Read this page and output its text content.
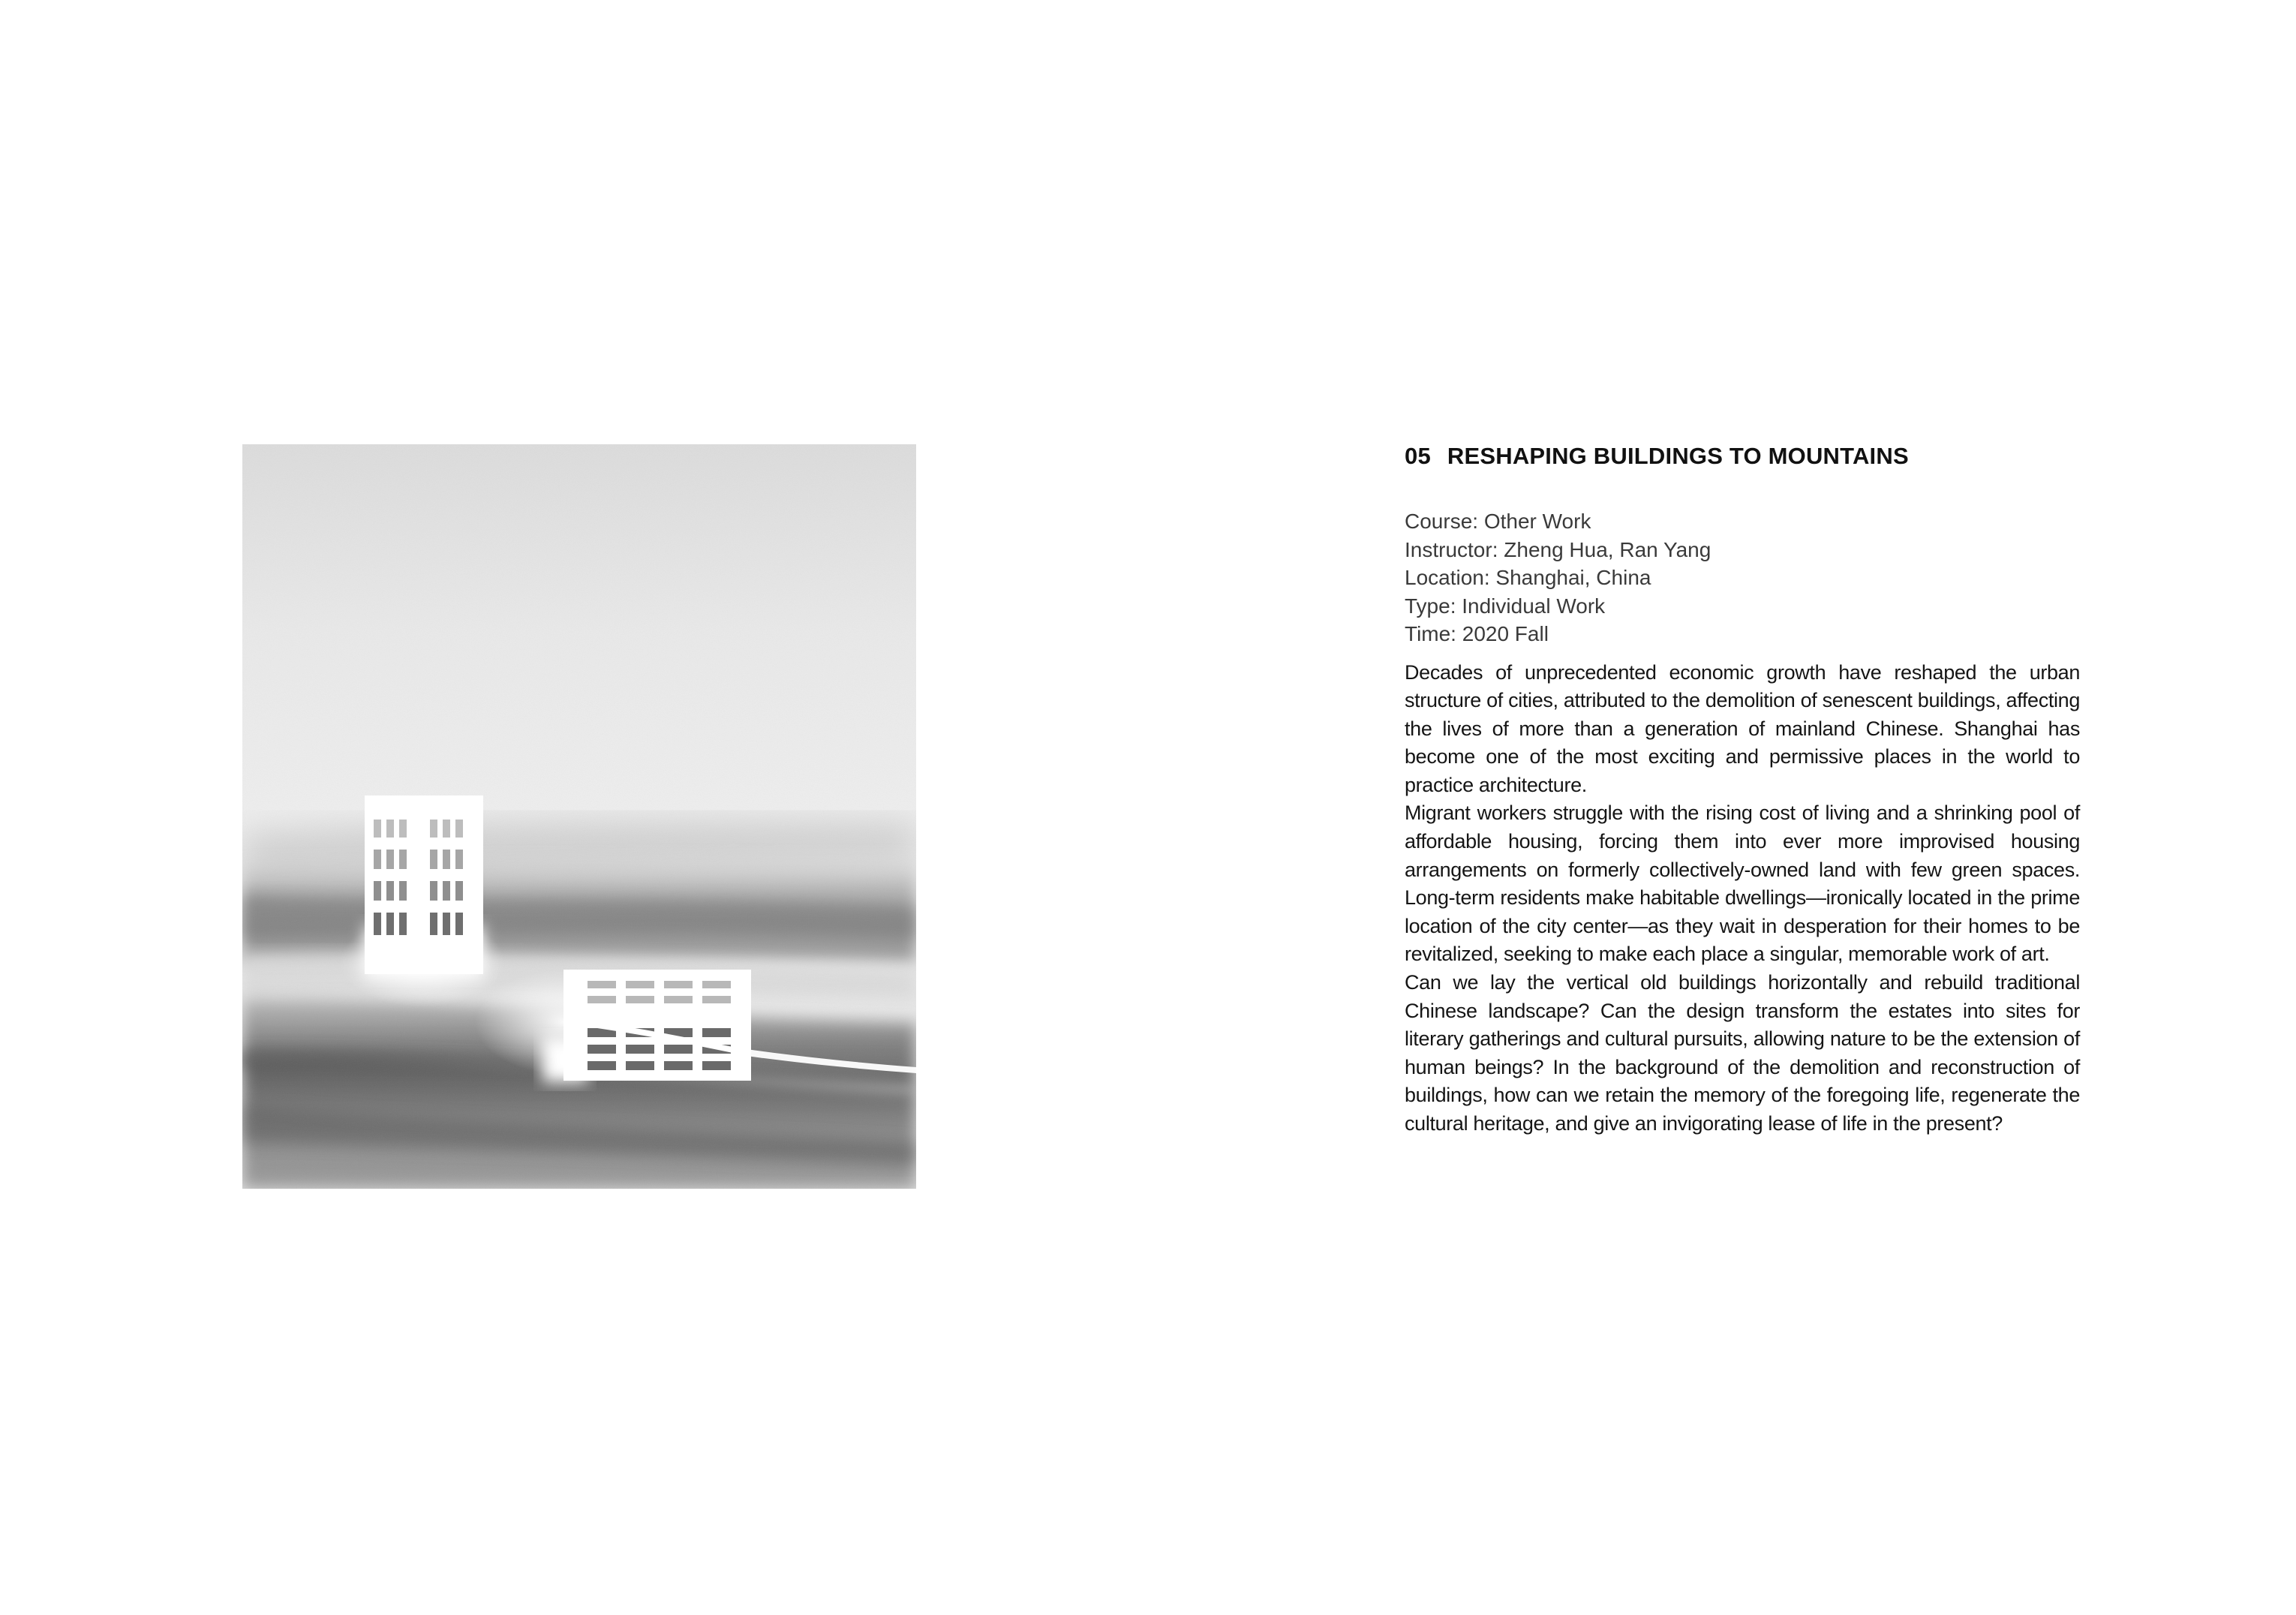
05 RESHAPING BUILDINGS TO MOUNTAINS
Course: Other Work
Instructor: Zheng Hua, Ran Yang
Location: Shanghai, China
Type: Individual Work
Time: 2020 Fall

Decades of unprecedented economic growth have reshaped the urban structure of cities, attributed to the demolition of senescent buildings, affecting the lives of more than a generation of mainland Chinese. Shanghai has become one of the most exciting and permissive places in the world to practice architecture.

Migrant workers struggle with the rising cost of living and a shrinking pool of affordable housing, forcing them into ever more improvised housing arrangements on formerly collectively-owned land with few green spaces. Long-term residents make habitable dwellings—ironically located in the prime location of the city center—as they wait in desperation for their homes to be revitalized, seeking to make each place a singular, memorable work of art.

Can we lay the vertical old buildings horizontally and rebuild traditional Chinese landscape? Can the design transform the estates into sites for literary gatherings and cultural pursuits, allowing nature to be the extension of human beings? In the background of the demolition and reconstruction of buildings, how can we retain the memory of the foregoing life, regenerate the cultural heritage, and give an invigorating lease of life in the present?
